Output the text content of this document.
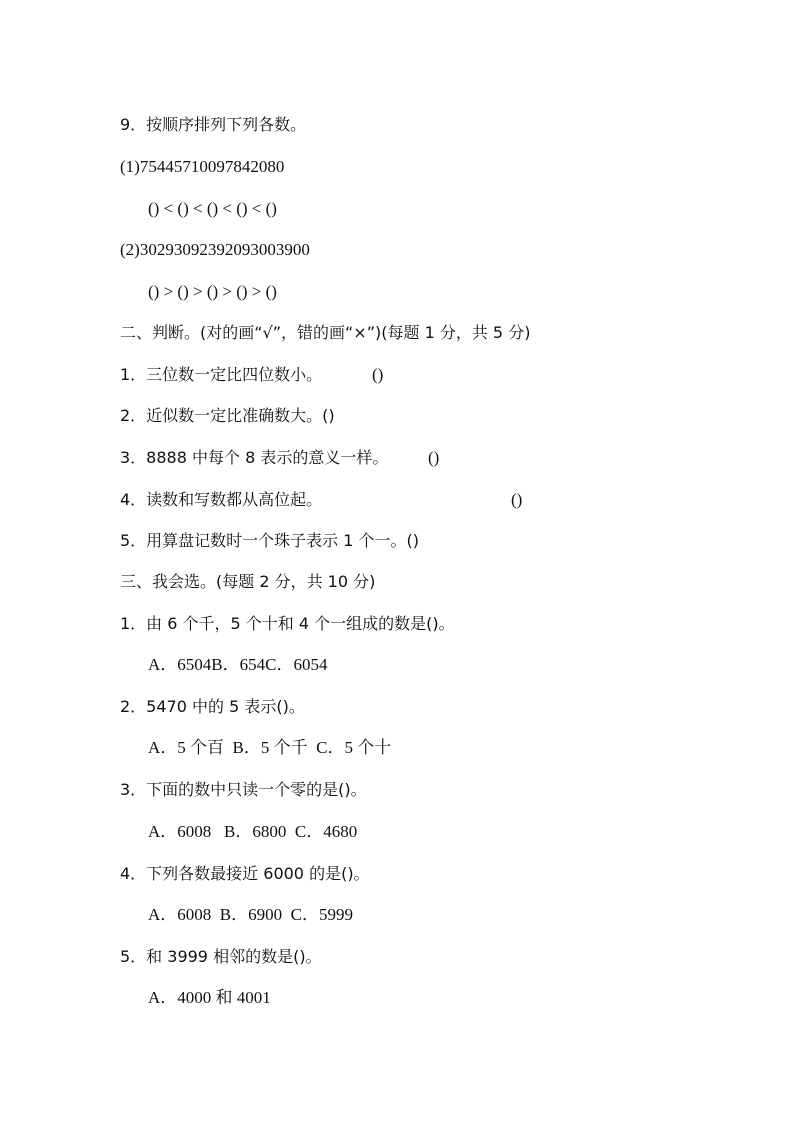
9．按顺序排列下列各数。
(1)75445710097842080
() < () < () < () < ()
(2)30293092392093003900
() > () > () > () > ()
二、判断。(对的画“√”，错的画“×”)(每题 1 分，共 5 分)
1．三位数一定比四位数小。	()
2．近似数一定比准确数大。()
3．8888 中每个 8 表示的意义一样。 ()
4．读数和写数都从高位起。	()
5．用算盘记数时一个珠子表示 1 个一。()
三、我会选。(每题 2 分，共 10 分)
1．由 6 个千，5 个十和 4 个一组成的数是()。
A．6504B．654C．6054
2．5470 中的 5 表示()。
A．5 个百  B．5 个千  C．5 个十
3．下面的数中只读一个零的是()。
A．6008   B．6800  C．4680
4．下列各数最接近 6000 的是()。
A．6008  B．6900  C．5999
5．和 3999 相邻的数是()。
A．4000 和 4001
